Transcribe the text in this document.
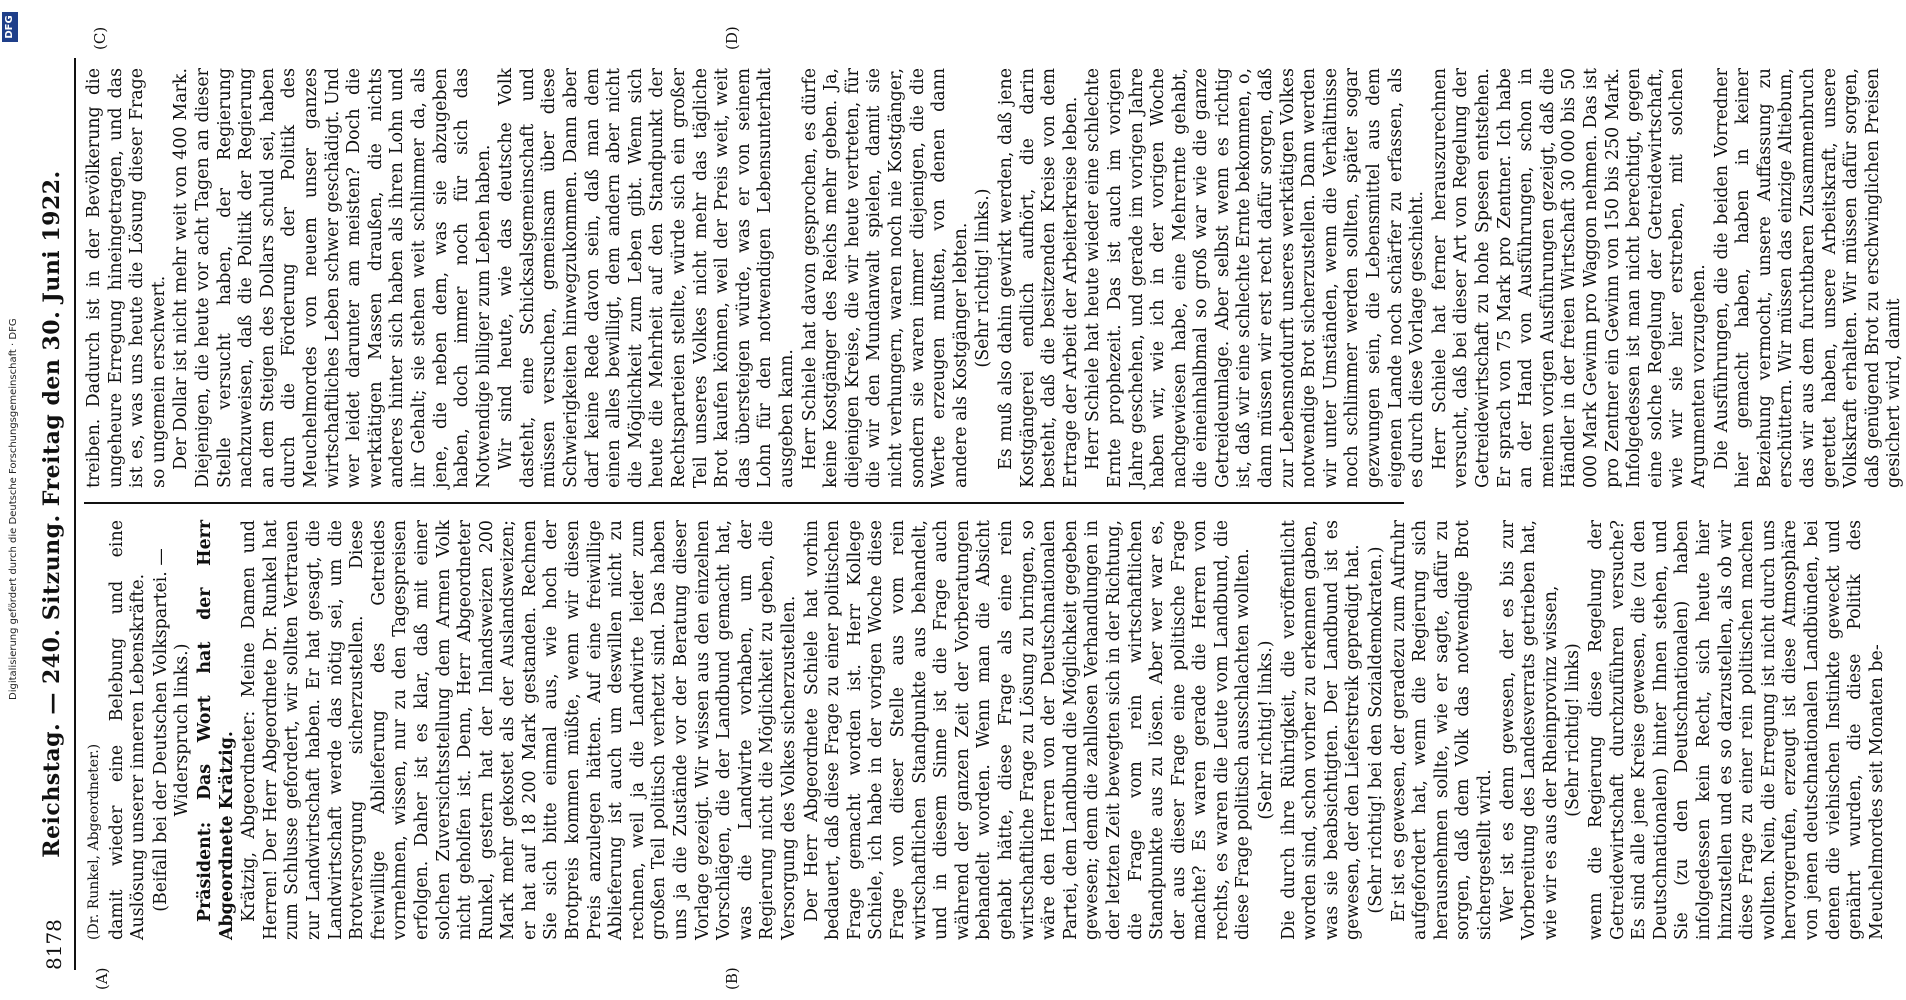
8178
Reichstag. — 240. Sitzung. Freitag den 30. Juni 1922.
(A)	(B)
(C)	(D)

(Dr. Runkel, Abgeordneter.) damit wieder eine Belebung und eine Auslösung unserer inneren Lebenskräfte. (Beifall bei der Deutschen Volkspartei. — Widerspruch links.) Präsident: Das Wort hat der Herr Abgeordnete Krätzig. Krätzig, Abgeordneter: Meine Damen und Herren! Der Herr Abgeordnete Dr. Runkel hat zum Schlusse gefordert, wir sollten Vertrauen zur Landwirtschaft haben. Er hat gesagt, die Landwirtschaft werde das nötig sei, um die Brotversorgung sicherzustellen. Diese freiwillige Ablieferung des Getreides vornehmen, wissen, nur zu den Tagespreisen erfolgen. Daher ist es klar, daß mit einer solchen Zuversichtsstellung dem Armen Volk nicht geholfen ist. Denn, Herr Abgeordneter Runkel, gestern hat der Inlandsweizen 200 Mark mehr gekostet als der Auslandsweizen; er hat auf 18 200 Mark gestanden. Rechnen Sie sich bitte einmal aus, wie hoch der Brotpreis kommen müßte, wenn wir diesen Preis anzulegen hätten. Auf eine freiwillige Ablieferung ist auch um deswillen nicht zu rechnen, weil ja die Landwirte leider zum großen Teil politisch verhetzt sind. Das haben uns ja die Zustände vor der Beratung dieser Vorlage gezeigt. Wir wissen aus den einzelnen Vorschlägen, die der Landbund gemacht hat, was die Landwirte vorhaben, um der Regierung nicht die Möglichkeit zu geben, die Versorgung des Volkes sicherzustellen. Der Herr Abgeordnete Schiele hat vorhin bedauert, daß diese Frage zu einer politischen Frage gemacht worden ist. Herr Kollege Schiele, ich habe in der vorigen Woche diese Frage von dieser Stelle aus vom rein wirtschaftlichen Standpunkte aus behandelt, und in diesem Sinne ist die Frage auch während der ganzen Zeit der Vorberatungen behandelt worden. Wenn man die Absicht gehabt hätte, diese Frage als eine rein wirtschaftliche Frage zu Lösung zu bringen, so wäre den Herren von der Deutschnationalen Partei, dem Landbund die Möglichkeit gegeben gewesen; denn die zahllosen Verhandlungen in der letzten Zeit bewegten sich in der Richtung, die Frage vom rein wirtschaftlichen Standpunkte aus zu lösen. Aber wer war es, der aus dieser Frage eine politische Frage machte? Es waren gerade die Herren von rechts, es waren die Leute vom Landbund, die diese Frage politisch ausschlachten wollten. (Sehr richtig! links.) Die durch ihre Rührigkeit, die veröffentlicht worden sind, schon vorher zu erkennen gaben, was sie beabsichtigten. Der Landbund ist es gewesen, der den Lieferstreik gepredigt hat. (Sehr richtig! bei den Sozialdemokraten.) Er ist es gewesen, der geradezu zum Aufruhr aufgefordert hat, wenn die Regierung sich herausnehmen sollte, wie er sagte, dafür zu sorgen, daß dem Volk das notwendige Brot sichergestellt wird. Wer ist es denn gewesen, der es bis zur Vorbereitung des Landesverrats getrieben hat, wie wir es aus der Rheinprovinz wissen, (Sehr richtig! links) wenn die Regierung diese Regelung der Getreidewirtschaft durchzuführen versuche? Es sind alle jene Kreise gewesen, die (zu den Deutschnationalen) hinter Ihnen stehen, und Sie (zu den Deutschnationalen) haben infolgedessen kein Recht, sich heute hier hinzustellen und es so darzustellen, als ob wir diese Frage zu einer rein politischen machen wollten. Nein, die Erregung ist nicht durch uns hervorgerufen, erzeugt ist diese Atmosphäre von jenen deutschnationalen Landbünden, bei denen die viehischen Instinkte geweckt und genährt wurden, die diese Politik des Meuchelmordes seit Monaten be-

treiben. Dadurch ist in der Bevölkerung die ungeheure Erregung hineingetragen, und das ist es, was uns heute die Lösung dieser Frage so ungemein erschwert. Der Dollar ist nicht mehr weit von 400 Mark. Diejenigen, die heute vor acht Tagen an dieser Stelle versucht haben, der Regierung nachzuweisen, daß die Politik der Regierung an dem Steigen des Dollars schuld sei, haben durch die Förderung der Politik des Meuchelmordes von neuem unser ganzes wirtschaftliches Leben schwer geschädigt. Und wer leidet darunter am meisten? Doch die werktätigen Massen draußen, die nichts anderes hinter sich haben als ihren Lohn und ihr Gehalt; sie stehen weit schlimmer da, als jene, die neben dem, was sie abzugeben haben, doch immer noch für sich das Notwendige billiger zum Leben haben. Wir sind heute, wie das deutsche Volk dasteht, eine Schicksalsgemeinschaft und müssen versuchen, gemeinsam über diese Schwierigkeiten hinwegzukommen. Dann aber darf keine Rede davon sein, daß man dem einen alles bewilligt, dem andern aber nicht die Möglichkeit zum Leben gibt. Wenn sich heute die Mehrheit auf den Standpunkt der Rechtsparteien stellte, würde sich ein großer Teil unseres Volkes nicht mehr das tägliche Brot kaufen können, weil der Preis weit, weit das übersteigen würde, was er von seinem Lohn für den notwendigen Lebensunterhalt ausgeben kann. Herr Schiele hat davon gesprochen, es dürfe keine Kostgänger des Reichs mehr geben. Ja, diejenigen Kreise, die wir heute vertreten, für die wir den Mundanwalt spielen, damit sie nicht verhungern, waren noch nie Kostgänger, sondern sie waren immer diejenigen, die die Werte erzeugen mußten, von denen dann andere als Kostgänger lebten. (Sehr richtig! links.) Es muß also dahin gewirkt werden, daß jene Kostgängerei endlich aufhört, die darin besteht, daß die besitzenden Kreise von dem Ertrage der Arbeit der Arbeiterkreise leben. Herr Schiele hat heute wieder eine schlechte Ernte prophezeit. Das ist auch im vorigen Jahre geschehen, und gerade im vorigen Jahre haben wir, wie ich in der vorigen Woche nachgewiesen habe, eine Mehrernte gehabt, die eineinhalbmal so groß war wie die ganze Getreideumlage. Aber selbst wenn es richtig ist, daß wir eine schlechte Ernte bekommen, o, dann müssen wir erst recht dafür sorgen, daß zur Lebensnotdurft unseres werktätigen Volkes notwendige Brot sicherzustellen. Dann werden wir unter Umständen, wenn die Verhältnisse noch schlimmer werden sollten, später sogar gezwungen sein, die Lebensmittel aus dem eigenen Lande noch schärfer zu erfassen, als es durch diese Vorlage geschieht. Herr Schiele hat ferner herauszurechnen versucht, daß bei dieser Art von Regelung der Getreidewirtschaft zu hohe Spesen entstehen. Er sprach von 75 Mark pro Zentner. Ich habe an der Hand von Ausführungen, schon in meinen vorigen Ausführungen gezeigt, daß die Händler in der freien Wirtschaft 30 000 bis 50 000 Mark Gewinn pro Waggon nehmen. Das ist pro Zentner ein Gewinn von 150 bis 250 Mark. Infolgedessen ist man nicht berechtigt, gegen eine solche Regelung der Getreidewirtschaft, wie wir sie hier erstreben, mit solchen Argumenten vorzugehen. Die Ausführungen, die die beiden Vorredner hier gemacht haben, haben in keiner Beziehung vermocht, unsere Auffassung zu erschüttern. Wir müssen das einzige Altiebum, das wir aus dem furchtbaren Zusammenbruch gerettet haben, unsere Arbeitskraft, unsere Volkskraft erhalten. Wir müssen dafür sorgen, daß genügend Brot zu erschwinglichen Preisen gesichert wird, damit

Digitalisierung gefördert durch die Deutsche Forschungsgemeinschaft · DFG
DFG
